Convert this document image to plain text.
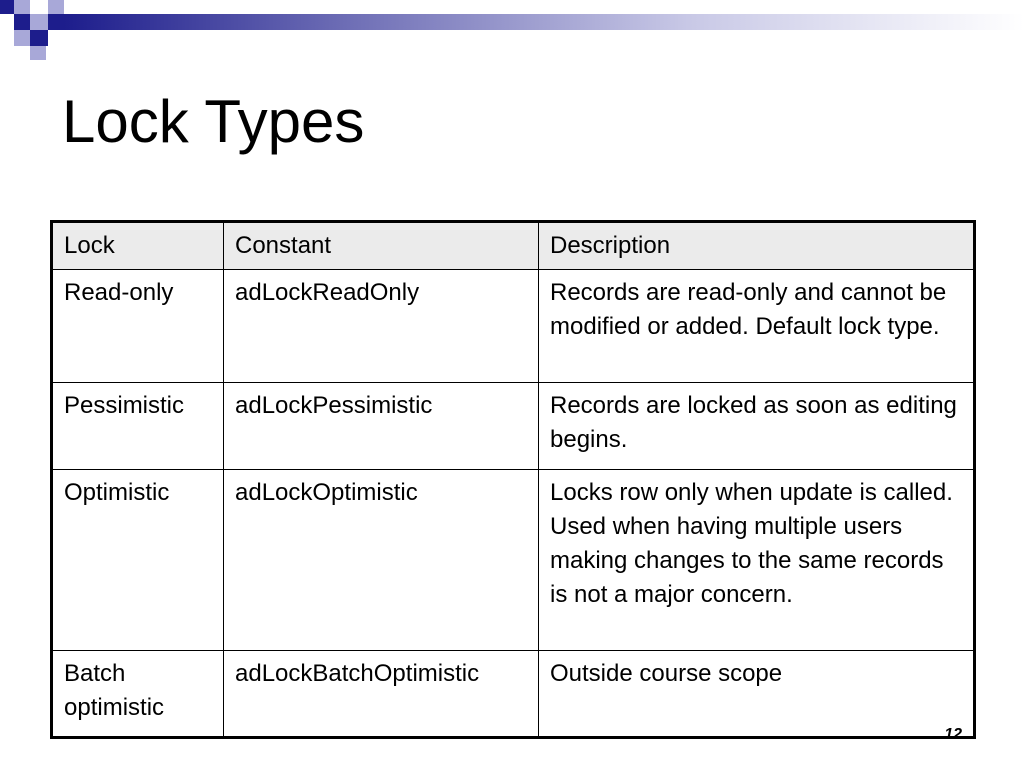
Lock Types
Lock	Constant	Description
Read-only	adLockReadOnly	Records are read-only and cannot be modified or added. Default lock type.
Pessimistic	adLockPessimistic	Records are locked as soon as editing begins.
Optimistic	adLockOptimistic	Locks row only when update is called. Used when having multiple users making changes to the same records is not a major concern.
Batch optimistic	adLockBatchOptimistic	Outside course scope
12
